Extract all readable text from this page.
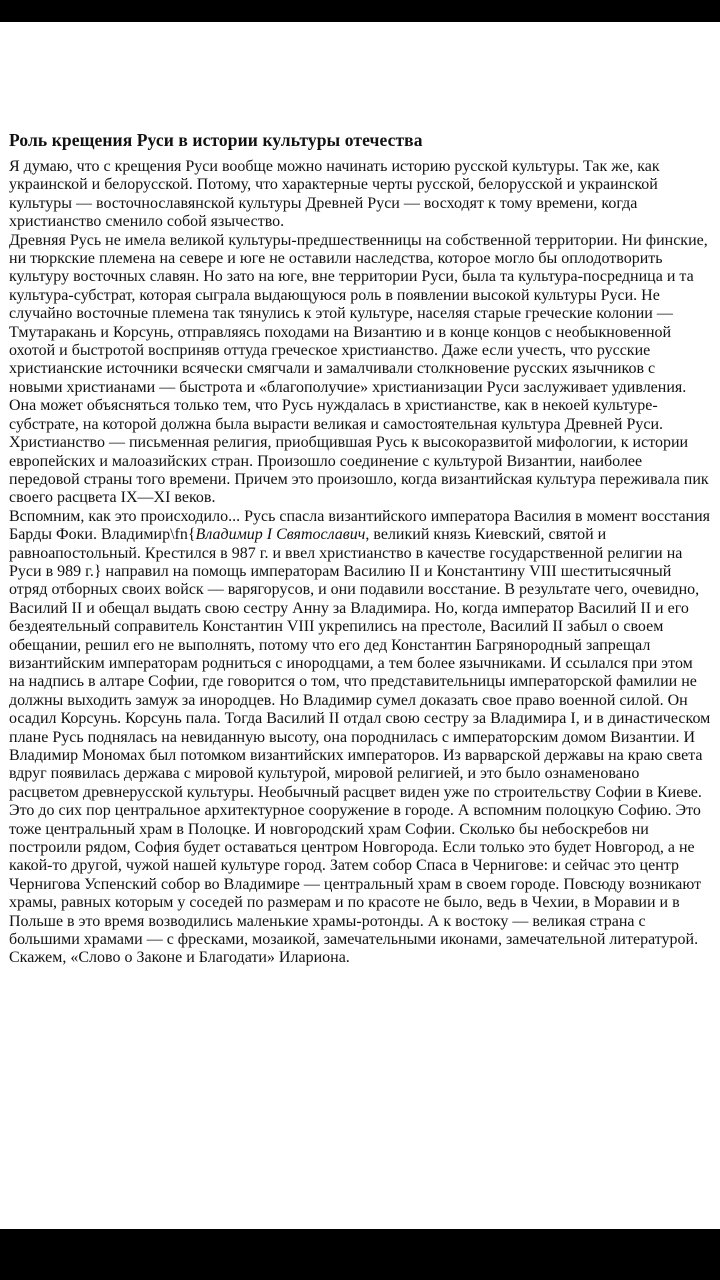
Роль крещения Руси в истории культуры отечества

Я думаю, что с крещения Руси вообще можно начинать историю русской культуры. Так же, как украинской и белорусской. Потому, что характерные черты русской, белорусской и украинской культуры — восточнославянской культуры Древней Руси — восходят к тому времени, когда христианство сменило собой язычество.

Древняя Русь не имела великой культуры-предшественницы на собственной территории. Ни финские, ни тюркские племена на севере и юге не оставили наследства, которое могло бы оплодотворить культуру восточных славян. Но зато на юге, вне территории Руси, была та культура-посредница и та культура-субстрат, которая сыграла выдающуюся роль в появлении высокой культуры Руси. Не случайно восточные племена так тянулись к этой культуре, населяя старые греческие колонии — Тмутаракань и Корсунь, отправляясь походами на Византию и в конце концов с необыкновенной охотой и быстротой восприняв оттуда греческое христианство. Даже если учесть, что русские христианские источники всячески смягчали и замалчивали столкновение русских язычников с новыми христианами — быстрота и «благополучие» христианизации Руси заслуживает удивления. Она может объясняться только тем, что Русь нуждалась в христианстве, как в некоей культуре-субстрате, на которой должна была вырасти великая и самостоятельная культура Древней Руси.

Христианство — письменная религия, приобщившая Русь к высокоразвитой мифологии, к истории европейских и малоазийских стран. Произошло соединение с культурой Византии, наиболее передовой страны того времени. Причем это произошло, когда византийская культура переживала пик своего расцвета IX—XI веков.

Вспомним, как это происходило... Русь спасла византийского императора Василия в момент восстания Барды Фоки. Владимир\fn{Владимир I Святославич, великий князь Киевский, святой и равноапостольный. Крестился в 987 г. и ввел христианство в качестве государственной религии на Руси в 989 г.} направил на помощь императорам Василию II и Константину VIII шеститысячный отряд отборных своих войск — варягорусов, и они подавили восстание. В результате чего, очевидно, Василий II и обещал выдать свою сестру Анну за Владимира. Но, когда император Василий II и его бездеятельный соправитель Константин VIII укрепились на престоле, Василий II забыл о своем обещании, решил его не выполнять, потому что его дед Константин Багрянородный запрещал византийским императорам родниться с инородцами, а тем более язычниками. И ссылался при этом на надпись в алтаре Софии, где говорится о том, что представительницы императорской фамилии не должны выходить замуж за инородцев. Но Владимир сумел доказать свое право военной силой. Он осадил Корсунь. Корсунь пала. Тогда Василий II отдал свою сестру за Владимира I, и в династическом плане Русь поднялась на невиданную высоту, она породнилась с императорским домом Византии. И Владимир Мономах был потомком византийских императоров. Из варварской державы на краю света вдруг появилась держава с мировой культурой, мировой религией, и это было ознаменовано расцветом древнерусской культуры. Необычный расцвет виден уже по строительству Софии в Киеве. Это до сих пор центральное архитектурное сооружение в городе. А вспомним полоцкую Софию. Это тоже центральный храм в Полоцке. И новгородский храм Софии. Сколько бы небоскребов ни построили рядом, София будет оставаться центром Новгорода. Если только это будет Новгород, а не какой-то другой, чужой нашей культуре город. Затем собор Спаса в Чернигове: и сейчас это центр Чернигова Успенский собор во Владимире — центральный храм в своем городе. Повсюду возникают храмы, равных которым у соседей по размерам и по красоте не было, ведь в Чехии, в Моравии и в Польше в это время возводились маленькие храмы-ротонды. А к востоку — великая страна с большими храмами — с фресками, мозаикой, замечательными иконами, замечательной литературой. Скажем, «Слово о Законе и Благодати» Илариона.
